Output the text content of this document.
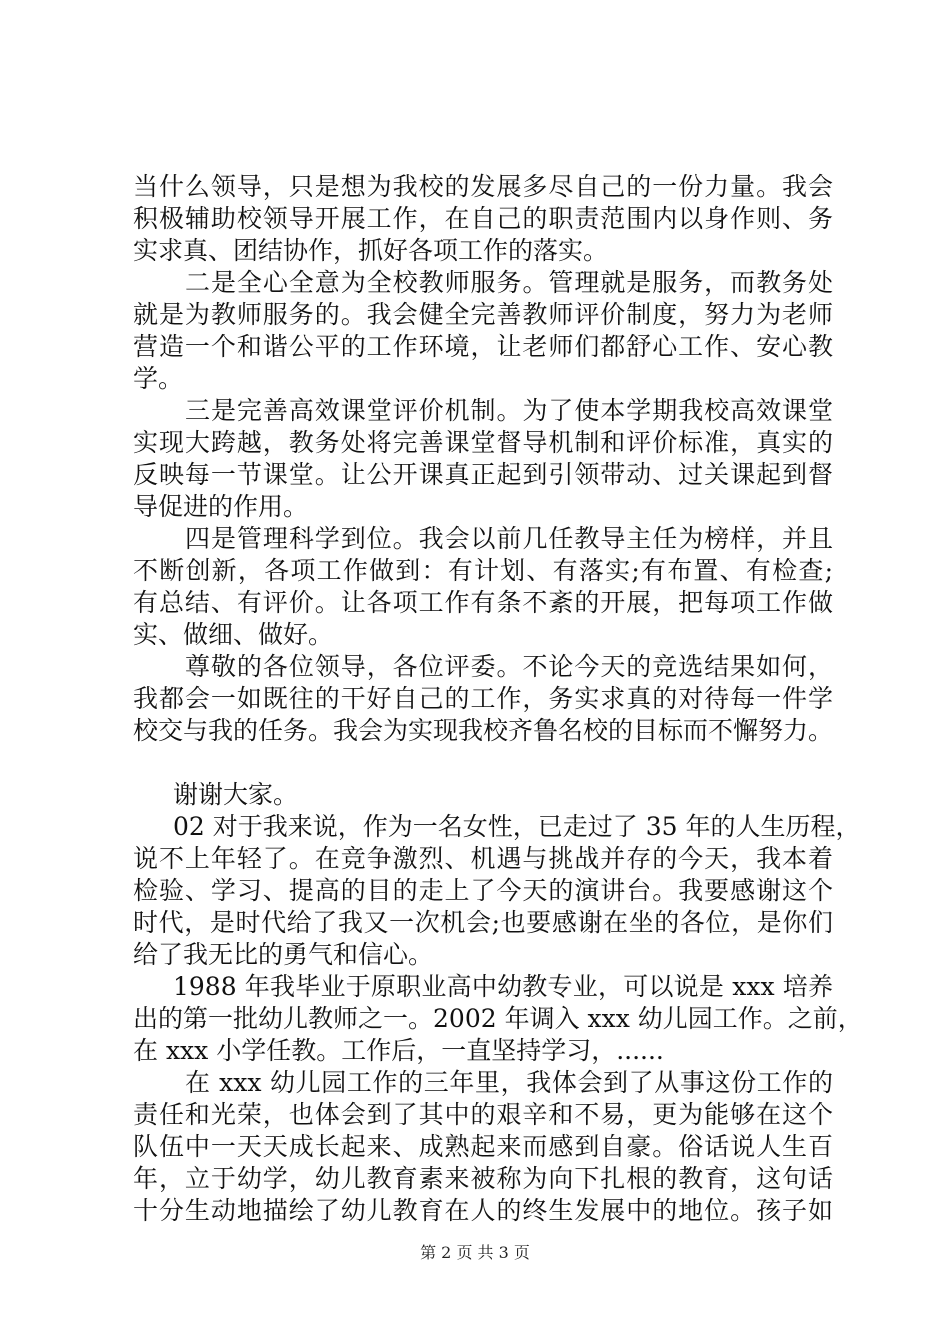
当什么领导，只是想为我校的发展多尽自己的一份力量。我会
积极辅助校领导开展工作，在自己的职责范围内以身作则、务
实求真、团结协作，抓好各项工作的落实。
二是全心全意为全校教师服务。管理就是服务，而教务处
就是为教师服务的。我会健全完善教师评价制度，努力为老师
营造一个和谐公平的工作环境，让老师们都舒心工作、安心教
学。
三是完善高效课堂评价机制。为了使本学期我校高效课堂
实现大跨越，教务处将完善课堂督导机制和评价标准，真实的
反映每一节课堂。让公开课真正起到引领带动、过关课起到督
导促进的作用。
四是管理科学到位。我会以前几任教导主任为榜样，并且
不断创新，各项工作做到：有计划、有落实;有布置、有检查;
有总结、有评价。让各项工作有条不紊的开展，把每项工作做
实、做细、做好。
尊敬的各位领导，各位评委。不论今天的竞选结果如何，
我都会一如既往的干好自己的工作，务实求真的对待每一件学
校交与我的任务。我会为实现我校齐鲁名校的目标而不懈努力。
谢谢大家。
02 对于我来说，作为一名女性，已走过了 35 年的人生历程，
说不上年轻了。在竞争激烈、机遇与挑战并存的今天，我本着
检验、学习、提高的目的走上了今天的演讲台。我要感谢这个
时代，是时代给了我又一次机会;也要感谢在坐的各位，是你们
给了我无比的勇气和信心。
1988 年我毕业于原职业高中幼教专业，可以说是 xxx 培养
出的第一批幼儿教师之一。2002 年调入 xxx 幼儿园工作。之前，
在 xxx 小学任教。工作后，一直坚持学习，......
在 xxx 幼儿园工作的三年里，我体会到了从事这份工作的
责任和光荣，也体会到了其中的艰辛和不易，更为能够在这个
队伍中一天天成长起来、成熟起来而感到自豪。俗话说人生百
年，立于幼学，幼儿教育素来被称为向下扎根的教育，这句话
十分生动地描绘了幼儿教育在人的终生发展中的地位。孩子如
第 2 页 共 3 页
